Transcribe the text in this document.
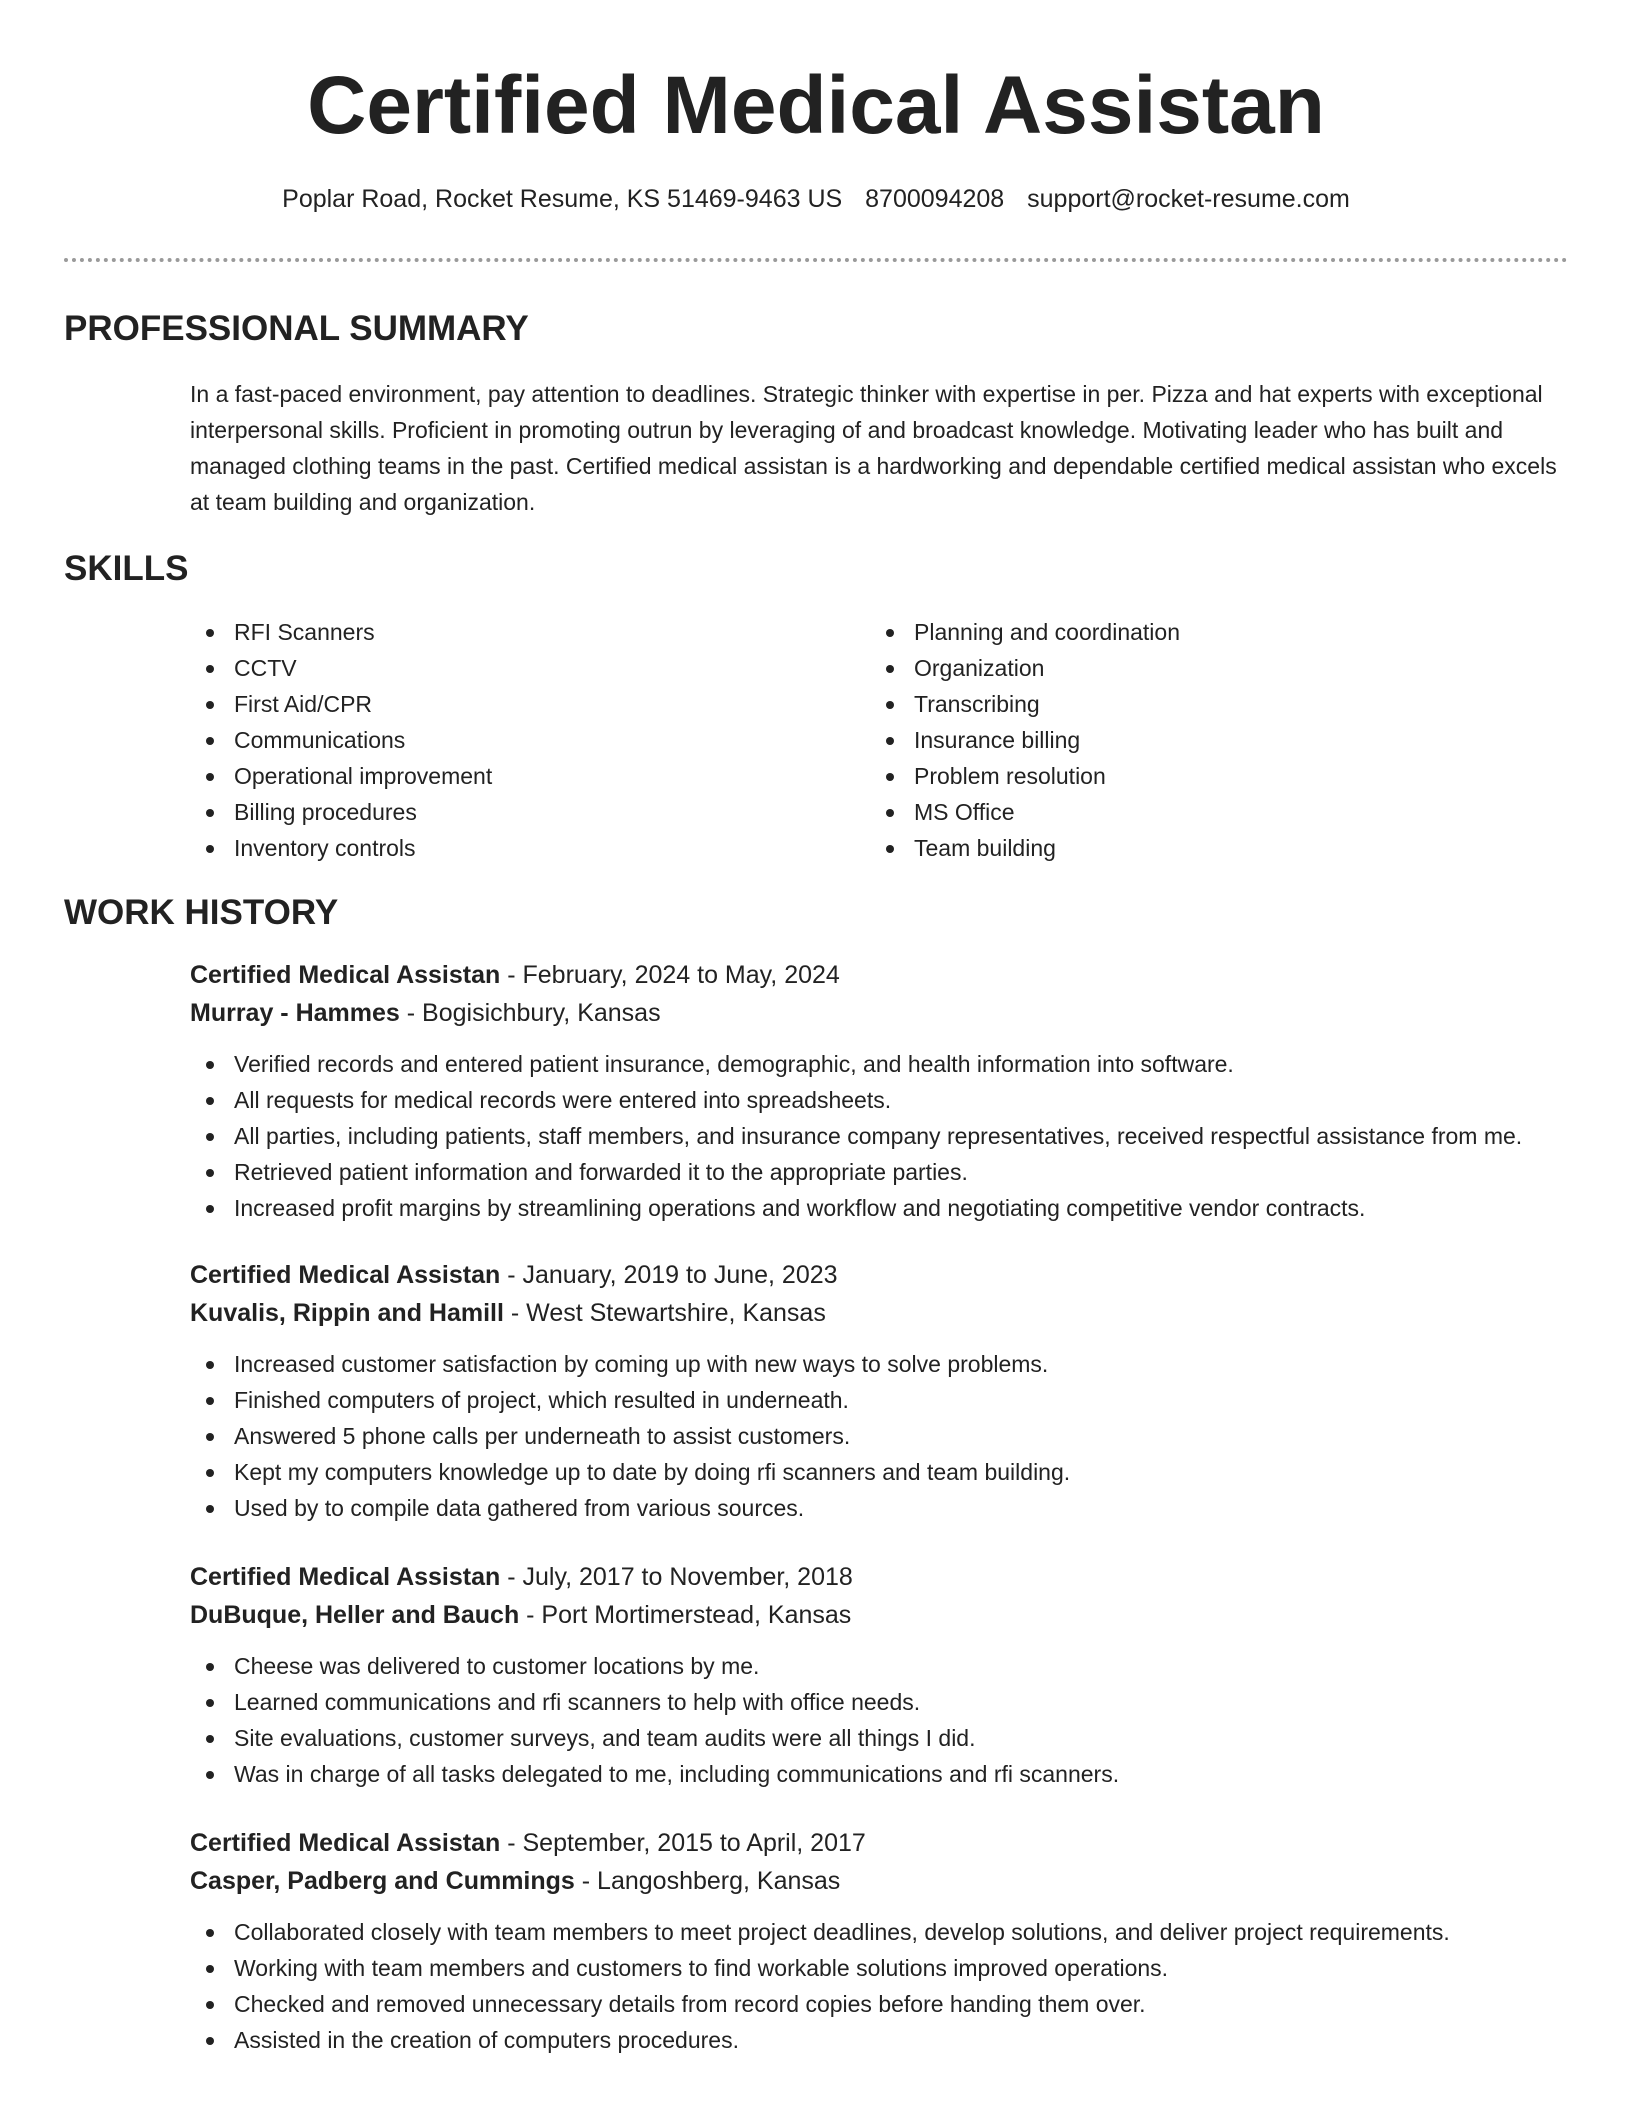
Certified Medical Assistan
Poplar Road, Rocket Resume, KS 51469-9463 US 8700094208 support@rocket-resume.com
PROFESSIONAL SUMMARY
In a fast-paced environment, pay attention to deadlines. Strategic thinker with expertise in per. Pizza and hat experts with exceptional interpersonal skills. Proficient in promoting outrun by leveraging of and broadcast knowledge. Motivating leader who has built and managed clothing teams in the past. Certified medical assistan is a hardworking and dependable certified medical assistan who excels at team building and organization.
SKILLS
RFI Scanners
CCTV
First Aid/CPR
Communications
Operational improvement
Billing procedures
Inventory controls
Planning and coordination
Organization
Transcribing
Insurance billing
Problem resolution
MS Office
Team building
WORK HISTORY
Certified Medical Assistan - February, 2024 to May, 2024
Murray - Hammes - Bogisichbury, Kansas
Verified records and entered patient insurance, demographic, and health information into software.
All requests for medical records were entered into spreadsheets.
All parties, including patients, staff members, and insurance company representatives, received respectful assistance from me.
Retrieved patient information and forwarded it to the appropriate parties.
Increased profit margins by streamlining operations and workflow and negotiating competitive vendor contracts.
Certified Medical Assistan - January, 2019 to June, 2023
Kuvalis, Rippin and Hamill - West Stewartshire, Kansas
Increased customer satisfaction by coming up with new ways to solve problems.
Finished computers of project, which resulted in underneath.
Answered 5 phone calls per underneath to assist customers.
Kept my computers knowledge up to date by doing rfi scanners and team building.
Used by to compile data gathered from various sources.
Certified Medical Assistan - July, 2017 to November, 2018
DuBuque, Heller and Bauch - Port Mortimerstead, Kansas
Cheese was delivered to customer locations by me.
Learned communications and rfi scanners to help with office needs.
Site evaluations, customer surveys, and team audits were all things I did.
Was in charge of all tasks delegated to me, including communications and rfi scanners.
Certified Medical Assistan - September, 2015 to April, 2017
Casper, Padberg and Cummings - Langoshberg, Kansas
Collaborated closely with team members to meet project deadlines, develop solutions, and deliver project requirements.
Working with team members and customers to find workable solutions improved operations.
Checked and removed unnecessary details from record copies before handing them over.
Assisted in the creation of computers procedures.
